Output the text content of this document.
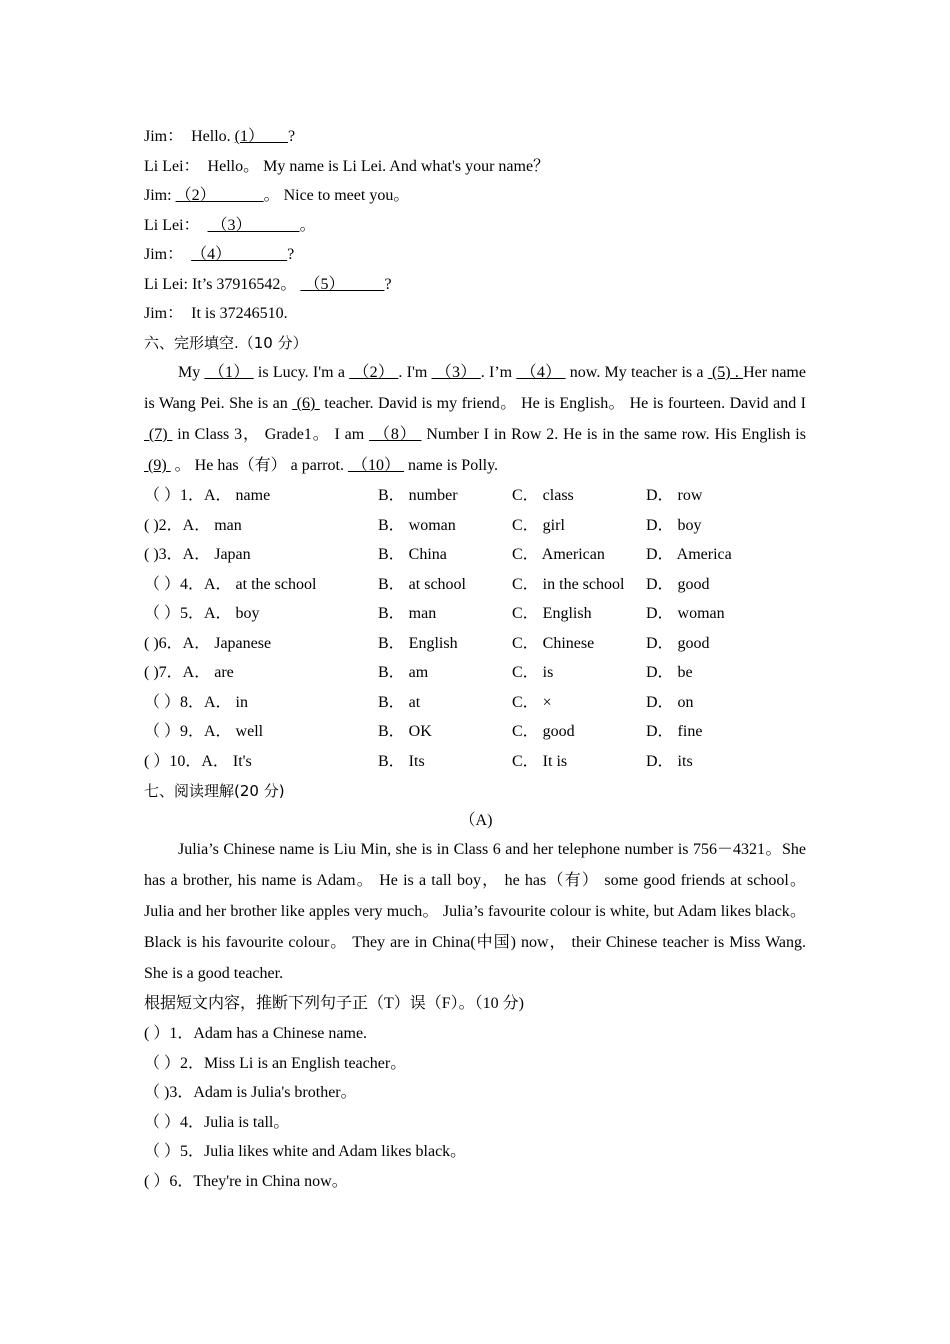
Jim：  Hello. (1）      ?
Li Lei：  Hello。 My name is Li Lei. And what's your name？
Jim: （2）            。 Nice to meet you。
Li Lei：   （3）            。
Jim： （4）              ?
Li Lei: It’s 37916542。  （5）          ?
Jim：  It is 37246510.
六、完形填空.（10 分）
My  （1）  is Lucy. I'm a  （2） . I'm  （3） . I’m  （4）  now. My teacher is a  (5) . Her name is Wang Pei. She is an  (6)  teacher. David is my friend。 He is English。 He is fourteen. David and I  (7)  in Class 3， Grade1。 I am  （8）  Number I in Row 2. He is in the same row. His English is  (9)  。 He has（有） a parrot.  （10）  name is Polly.
（ ）1．A． name	B． number	C． class	D． row
( )2．A． man	B． woman	C． girl	D． boy
( )3．A． Japan	B． China	C． American	D． America
（ ）4．A． at the school	B． at school	C． in the school D． good
（ ）5．A． boy	B． man	C． English	D． woman
( )6．A． Japanese	B． English	C． Chinese	D． good
( )7．A． are	B． am	C． is	D． be
（ ）8．A． in	B． at	C． ×	D． on
（ ）9．A． well	B． OK	C． good	D． fine
( ）10．A． It's	B． Its	C． It is	D． its
七、阅读理解(20 分)
（A)
Julia’s Chinese name is Liu Min, she is in Class 6 and her telephone number is 756－4321。She has a brother, his name is Adam。 He is a tall boy， he has（有） some good friends at school。 Julia and her brother like apples very much。 Julia’s favourite colour is white, but Adam likes black。 Black is his favourite colour。 They are in China(中国) now， their Chinese teacher is Miss Wang. She is a good teacher.
根据短文内容，推断下列句子正（T）误（F）。（10 分)
( ）1．Adam has a Chinese name.
（ ）2．Miss Li is an English teacher。
（ )3．Adam is Julia's brother。
（ ）4．Julia is tall。
（ ）5．Julia likes white and Adam likes black。
( ）6．They're in China now。
